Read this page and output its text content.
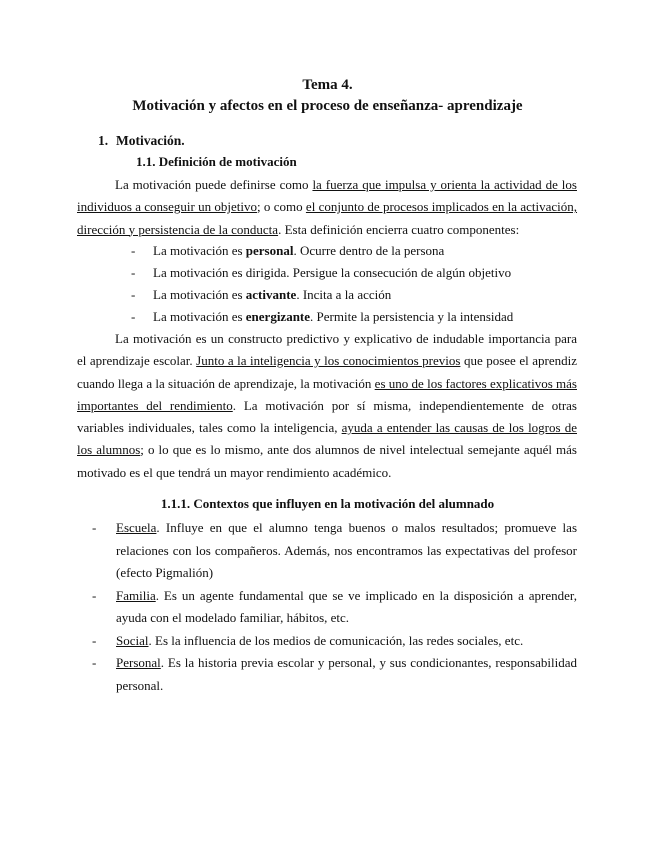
Tema 4.
Motivación y afectos en el proceso de enseñanza- aprendizaje
1. Motivación.
1.1. Definición de motivación

La motivación puede definirse como la fuerza que impulsa y orienta la actividad de los individuos a conseguir un objetivo; o como el conjunto de procesos implicados en la activación, dirección y persistencia de la conducta. Esta definición encierra cuatro componentes:

- La motivación es personal. Ocurre dentro de la persona
- La motivación es dirigida. Persigue la consecución de algún objetivo
- La motivación es activante. Incita a la acción
- La motivación es energizante. Permite la persistencia y la intensidad

La motivación es un constructo predictivo y explicativo de indudable importancia para el aprendizaje escolar. Junto a la inteligencia y los conocimientos previos que posee el aprendiz cuando llega a la situación de aprendizaje, la motivación es uno de los factores explicativos más importantes del rendimiento. La motivación por sí misma, independientemente de otras variables individuales, tales como la inteligencia, ayuda a entender las causas de los logros de los alumnos; o lo que es lo mismo, ante dos alumnos de nivel intelectual semejante aquél más motivado es el que tendrá un mayor rendimiento académico.

1.1.1. Contextos que influyen en la motivación del alumnado
- Escuela. Influye en que el alumno tenga buenos o malos resultados; promueve las relaciones con los compañeros. Además, nos encontramos las expectativas del profesor (efecto Pigmalión)
- Familia. Es un agente fundamental que se ve implicado en la disposición a aprender, ayuda con el modelado familiar, hábitos, etc.
- Social. Es la influencia de los medios de comunicación, las redes sociales, etc.
- Personal. Es la historia previa escolar y personal, y sus condicionantes, responsabilidad personal.
